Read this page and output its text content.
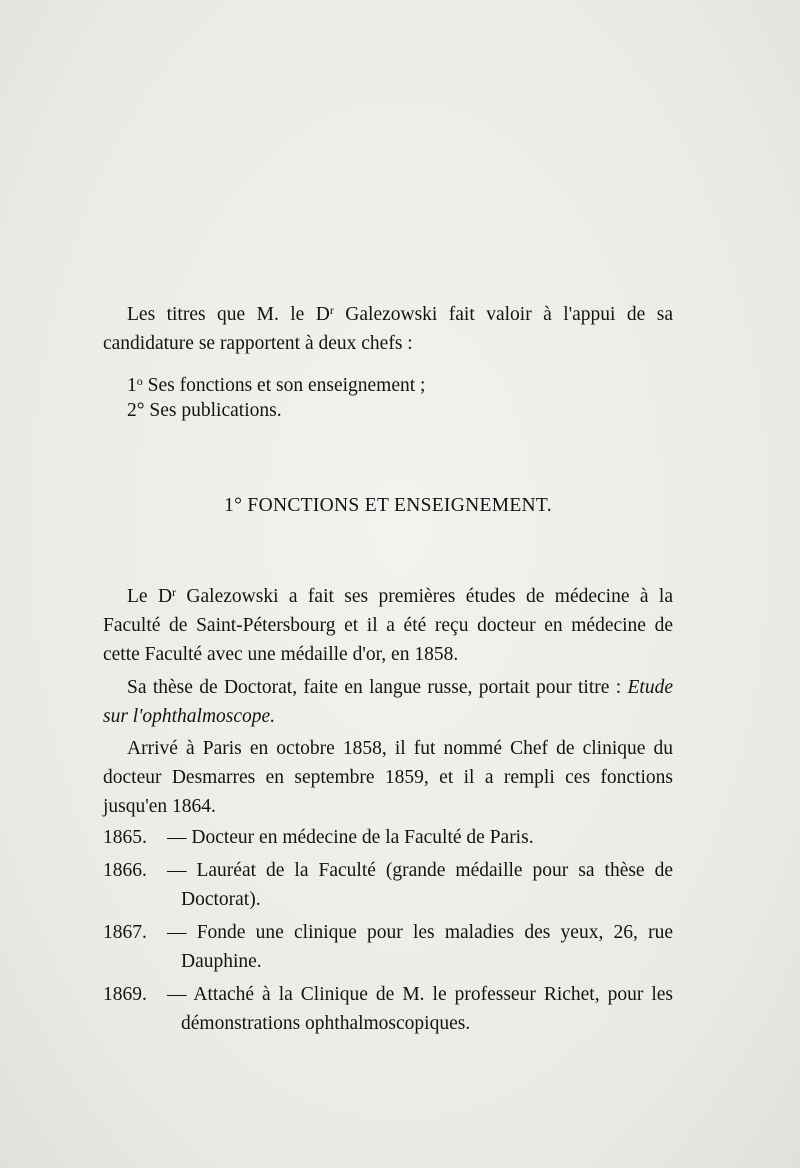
Les titres que M. le $D^r$ Galezowski fait valoir à l'appui de sa candidature se rapportent à deux chefs :
1$^o$ Ses fonctions et son enseignement ;
2° Ses publications.
1° FONCTIONS ET ENSEIGNEMENT.
Le $D^r$ Galezowski a fait ses premières études de médecine à la Faculté de Saint-Pétersbourg et il a été reçu docteur en médecine de cette Faculté avec une médaille d'or, en 1858.
Sa thèse de Doctorat, faite en langue russe, portait pour titre : Etude sur l'ophthalmoscope.
Arrivé à Paris en octobre 1858, il fut nommé Chef de clinique du docteur Desmarres en septembre 1859, et il a rempli ces fonctions jusqu'en 1864.
1865. — Docteur en médecine de la Faculté de Paris.
1866. — Lauréat de la Faculté (grande médaille pour sa thèse de Doctorat).
1867. — Fonde une clinique pour les maladies des yeux, 26, rue Dauphine.
1869. — Attaché à la Clinique de M. le professeur Richet, pour les démonstrations ophthalmoscopiques.
